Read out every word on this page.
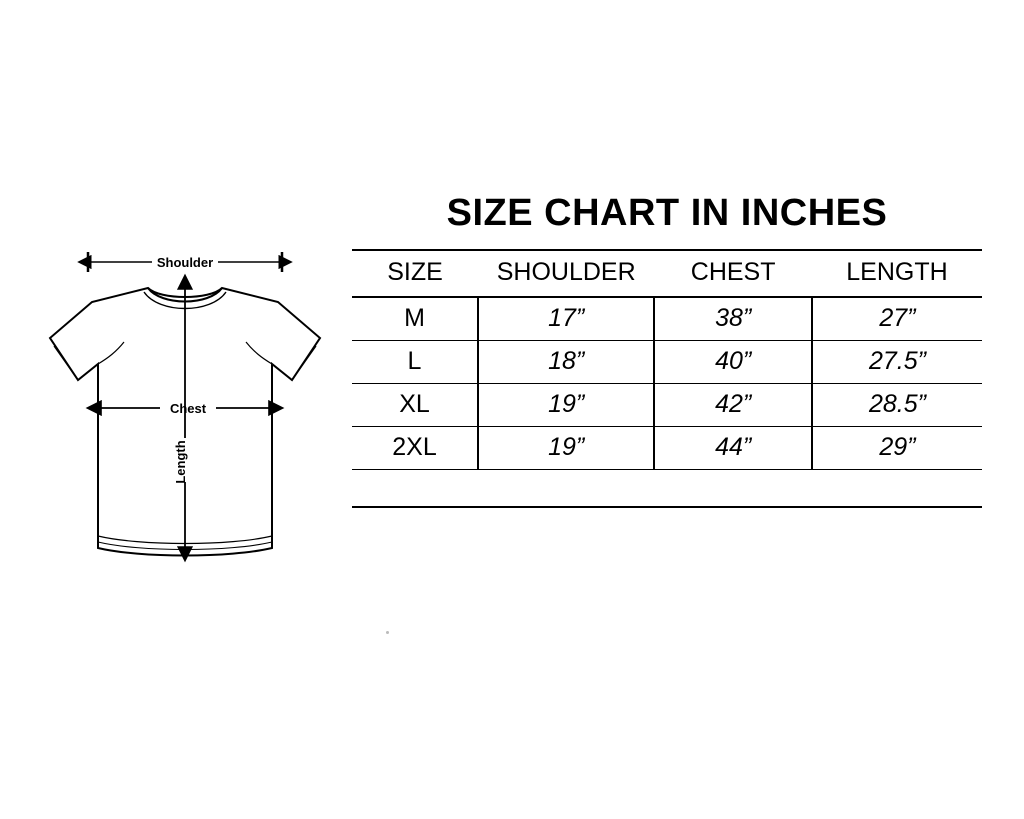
Shoulder
Chest
Length
SIZE CHART IN INCHES
SIZE	SHOULDER	CHEST	LENGTH
M	17”	38”	27”
L	18”	40”	27.5”
XL	19”	42”	28.5”
2XL	19”	44”	29”
